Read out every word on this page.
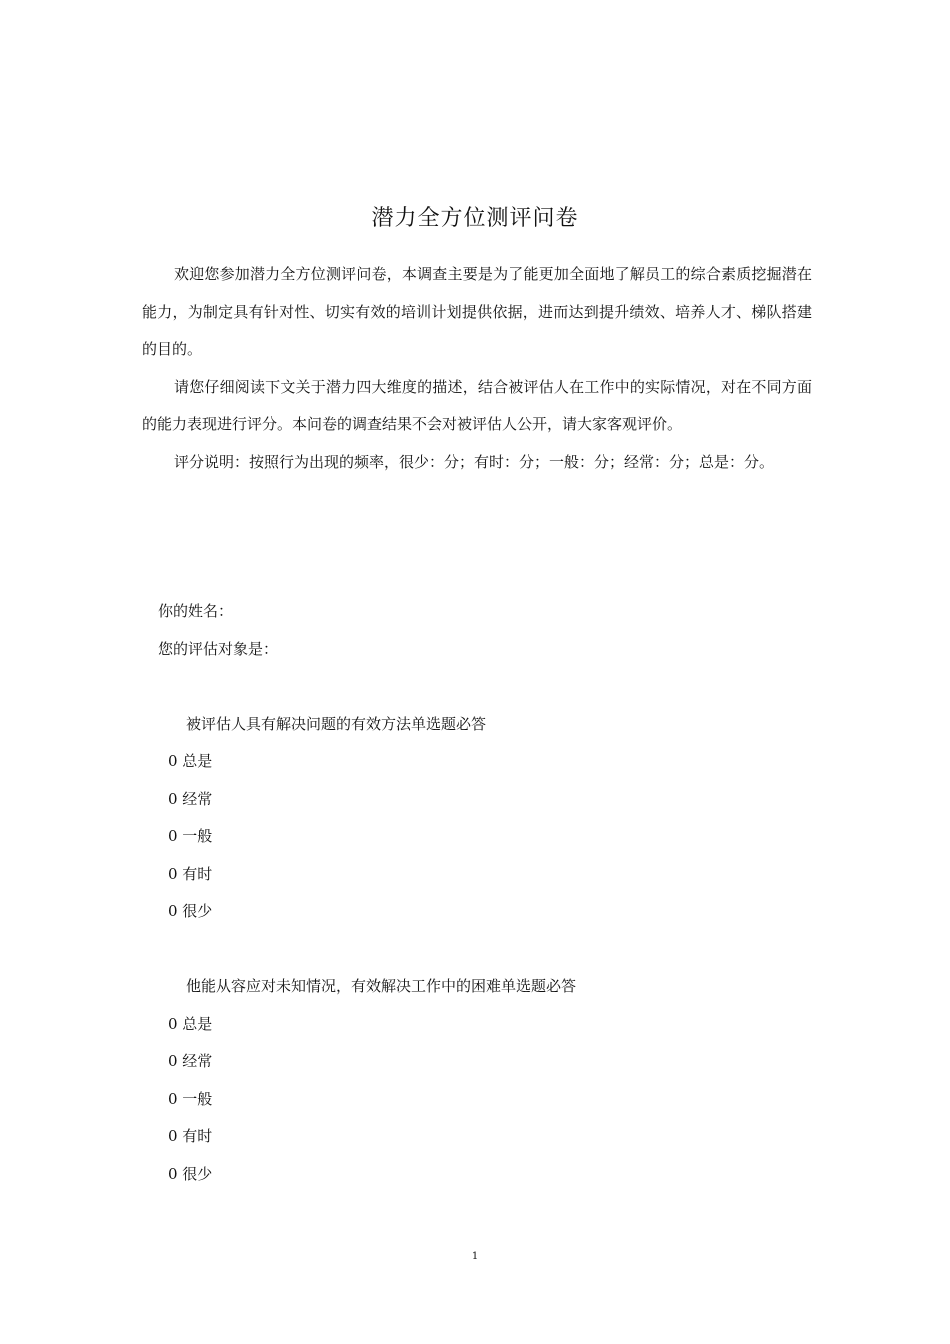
潜力全方位测评问卷

欢迎您参加潜力全方位测评问卷，本调查主要是为了能更加全面地了解员工的综合素质挖掘潜在能力，为制定具有针对性、切实有效的培训计划提供依据，进而达到提升绩效、培养人才、梯队搭建的目的。

请您仔细阅读下文关于潜力四大维度的描述，结合被评估人在工作中的实际情况，对在不同方面的能力表现进行评分。本问卷的调查结果不会对被评估人公开，请大家客观评价。

评分说明：按照行为出现的频率，很少：分；有时：分；一般：分；经常：分；总是：分。

你的姓名：
您的评估对象是：
被评估人具有解决问题的有效方法单选题必答
0 总是
0 经常
0 一般
0 有时
0 很少
他能从容应对未知情况，有效解决工作中的困难单选题必答
0 总是
0 经常
0 一般
0 有时
0 很少
1
